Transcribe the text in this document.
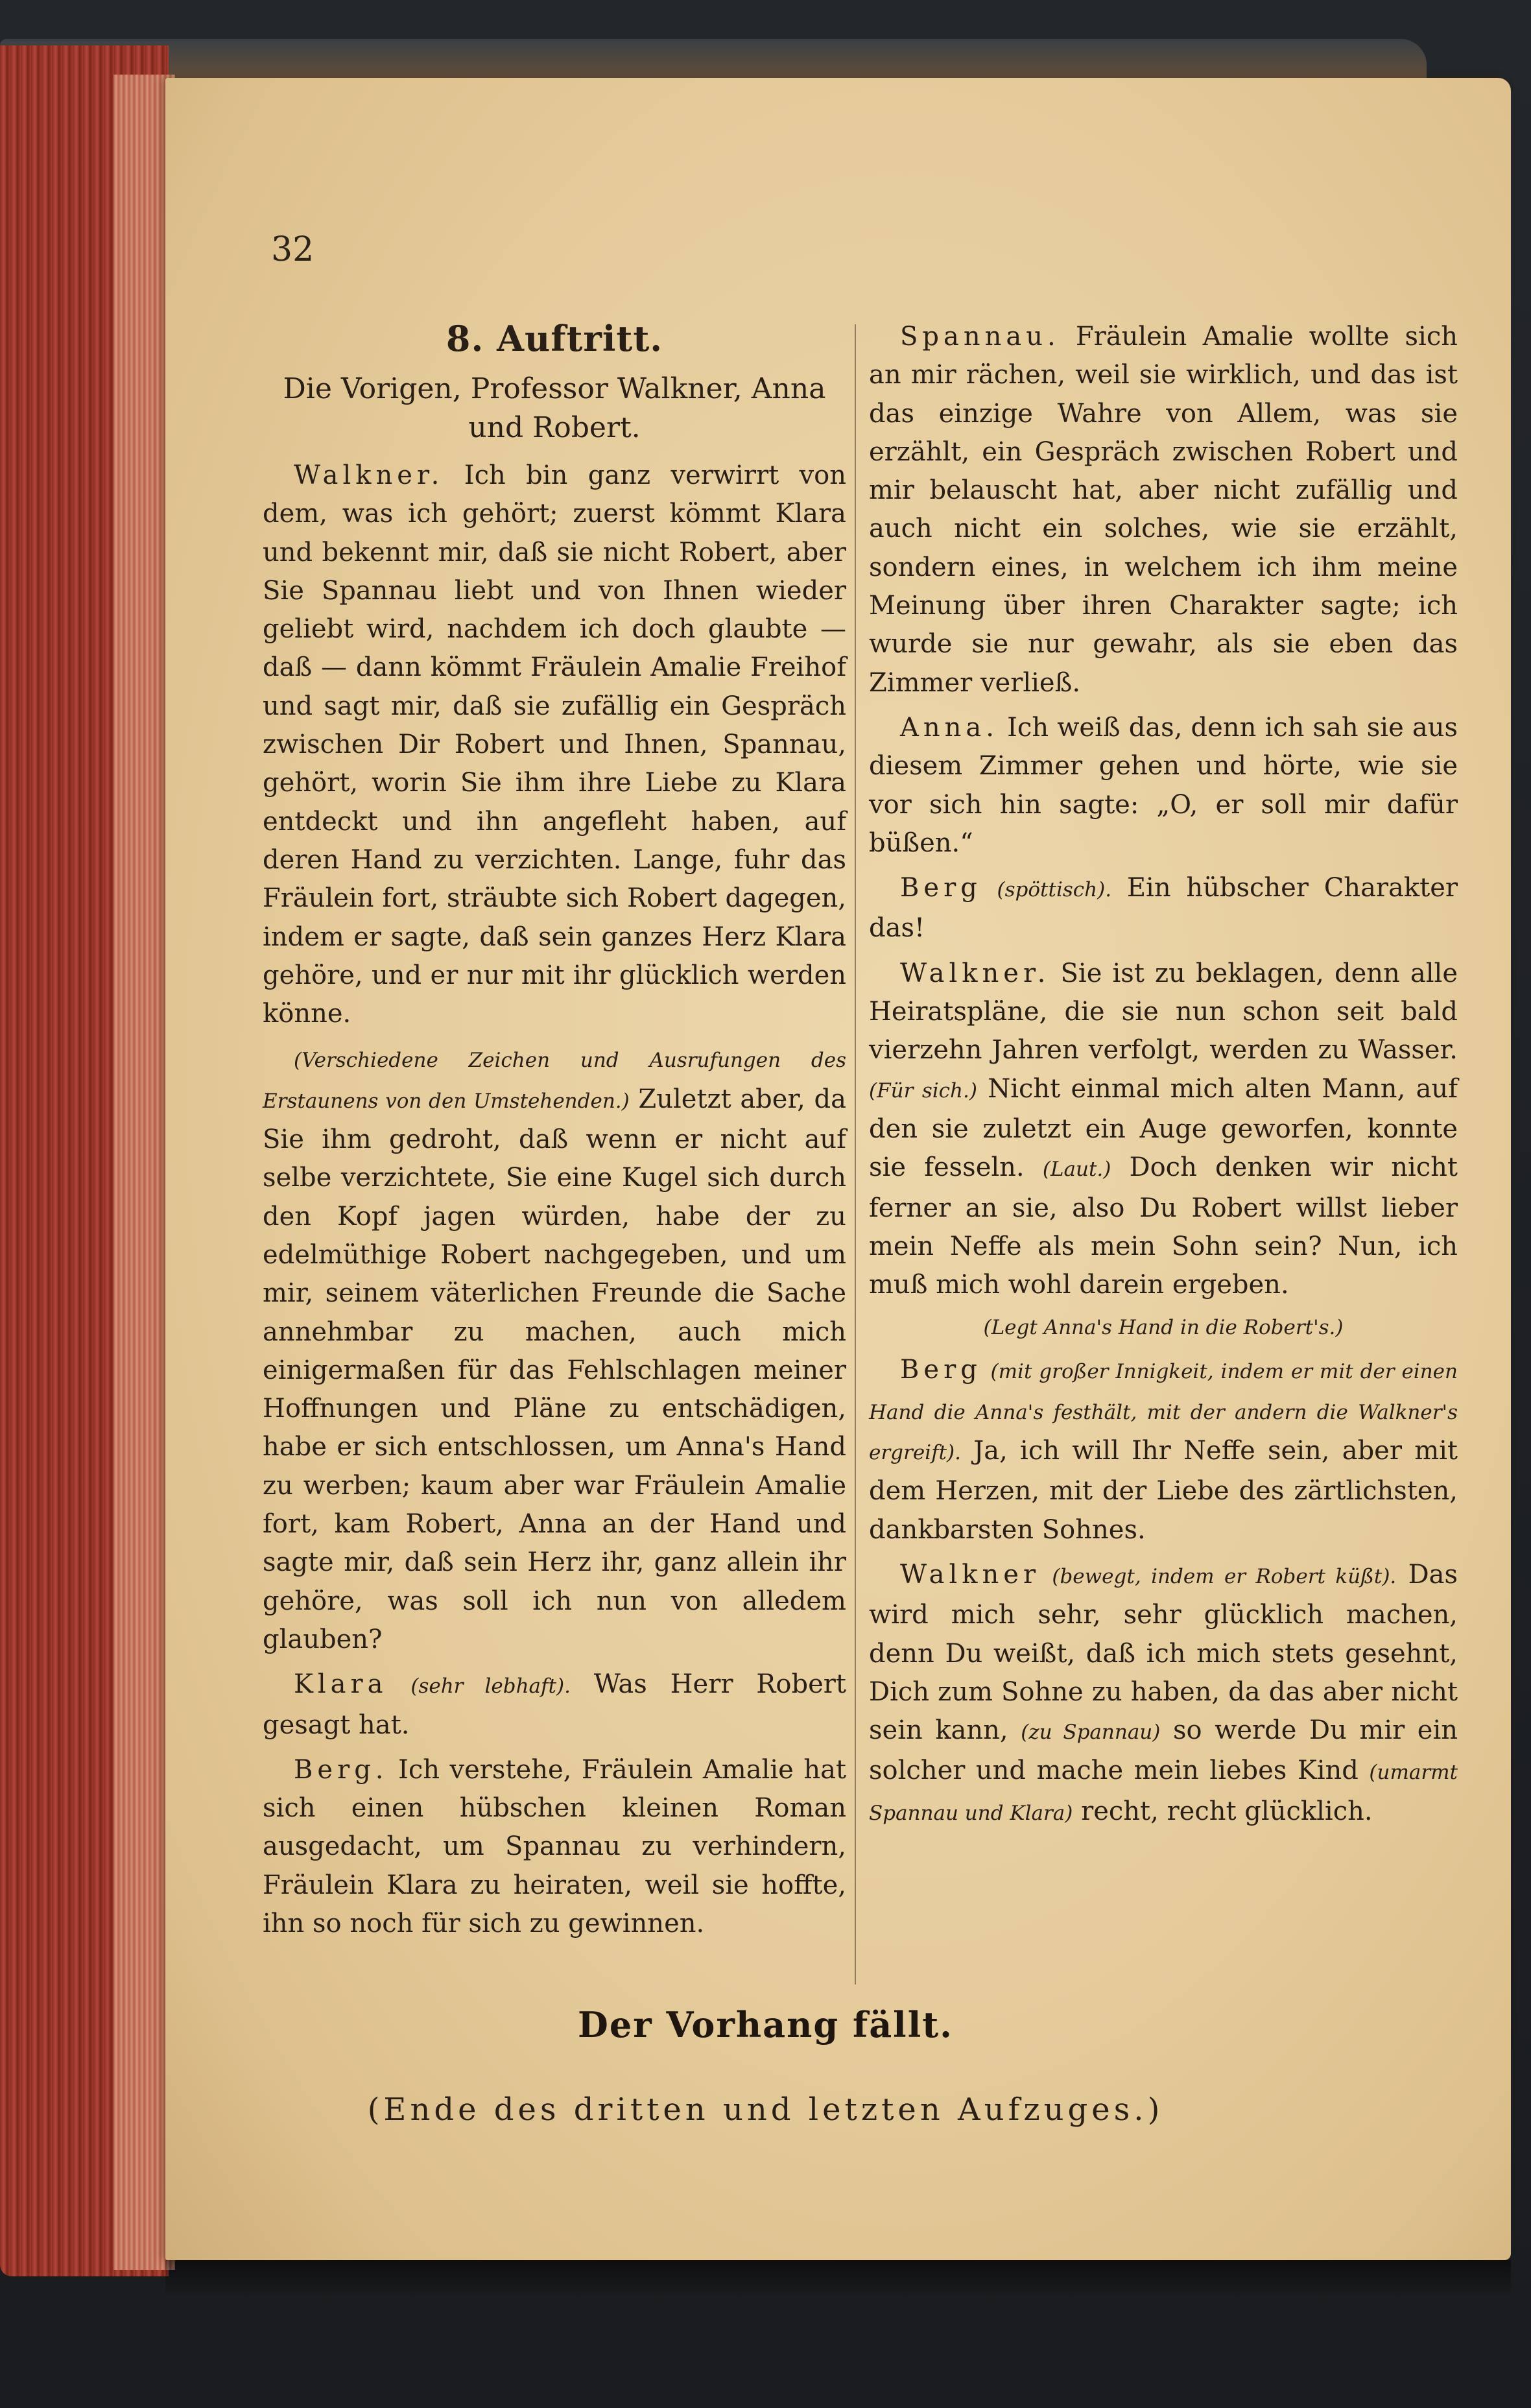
32
8. Auftritt.
Die Vorigen, Professor Walkner, Anna und Robert.

Walkner. Ich bin ganz verwirrt von dem, was ich gehört; zuerst kömmt Klara und bekennt mir, daß sie nicht Robert, aber Sie Spannau liebt und von Ihnen wieder geliebt wird, nachdem ich doch glaubte — daß — dann kömmt Fräulein Amalie Freihof und sagt mir, daß sie zufällig ein Gespräch zwischen Dir Robert und Ihnen, Spannau, gehört, worin Sie ihm ihre Liebe zu Klara entdeckt und ihn angefleht haben, auf deren Hand zu verzichten. Lange, fuhr das Fräulein fort, sträubte sich Robert dagegen, indem er sagte, daß sein ganzes Herz Klara gehöre, und er nur mit ihr glücklich werden könne.

(Verschiedene Zeichen und Ausrufungen des Erstaunens von den Umstehenden.) Zuletzt aber, da Sie ihm gedroht, daß wenn er nicht auf selbe verzichtete, Sie eine Kugel sich durch den Kopf jagen würden, habe der zu edelmüthige Robert nachgegeben, und um mir, seinem väterlichen Freunde die Sache annehmbar zu machen, auch mich einigermaßen für das Fehlschlagen meiner Hoffnungen und Pläne zu entschädigen, habe er sich entschlossen, um Anna's Hand zu werben; kaum aber war Fräulein Amalie fort, kam Robert, Anna an der Hand und sagte mir, daß sein Herz ihr, ganz allein ihr gehöre, was soll ich nun von alledem glauben?

Klara (sehr lebhaft). Was Herr Robert gesagt hat.

Berg. Ich verstehe, Fräulein Amalie hat sich einen hübschen kleinen Roman ausgedacht, um Spannau zu verhindern, Fräulein Klara zu heiraten, weil sie hoffte, ihn so noch für sich zu gewinnen.

Spannau. Fräulein Amalie wollte sich an mir rächen, weil sie wirklich, und das ist das einzige Wahre von Allem, was sie erzählt, ein Gespräch zwischen Robert und mir belauscht hat, aber nicht zufällig und auch nicht ein solches, wie sie erzählt, sondern eines, in welchem ich ihm meine Meinung über ihren Charakter sagte; ich wurde sie nur gewahr, als sie eben das Zimmer verließ.

Anna. Ich weiß das, denn ich sah sie aus diesem Zimmer gehen und hörte, wie sie vor sich hin sagte: „O, er soll mir dafür büßen.“

Berg (spöttisch). Ein hübscher Charakter das!

Walkner. Sie ist zu beklagen, denn alle Heiratspläne, die sie nun schon seit bald vierzehn Jahren verfolgt, werden zu Wasser. (Für sich.) Nicht einmal mich alten Mann, auf den sie zuletzt ein Auge geworfen, konnte sie fesseln. (Laut.) Doch denken wir nicht ferner an sie, also Du Robert willst lieber mein Neffe als mein Sohn sein? Nun, ich muß mich wohl darein ergeben.

(Legt Anna's Hand in die Robert's.)

Berg (mit großer Innigkeit, indem er mit der einen Hand die Anna's festhält, mit der andern die Walkner's ergreift). Ja, ich will Ihr Neffe sein, aber mit dem Herzen, mit der Liebe des zärtlichsten, dankbarsten Sohnes.

Walkner (bewegt, indem er Robert küßt). Das wird mich sehr, sehr glücklich machen, denn Du weißt, daß ich mich stets gesehnt, Dich zum Sohne zu haben, da das aber nicht sein kann, (zu Spannau) so werde Du mir ein solcher und mache mein liebes Kind (umarmt Spannau und Klara) recht, recht glücklich.

Der Vorhang fällt.
(Ende des dritten und letzten Aufzuges.)
